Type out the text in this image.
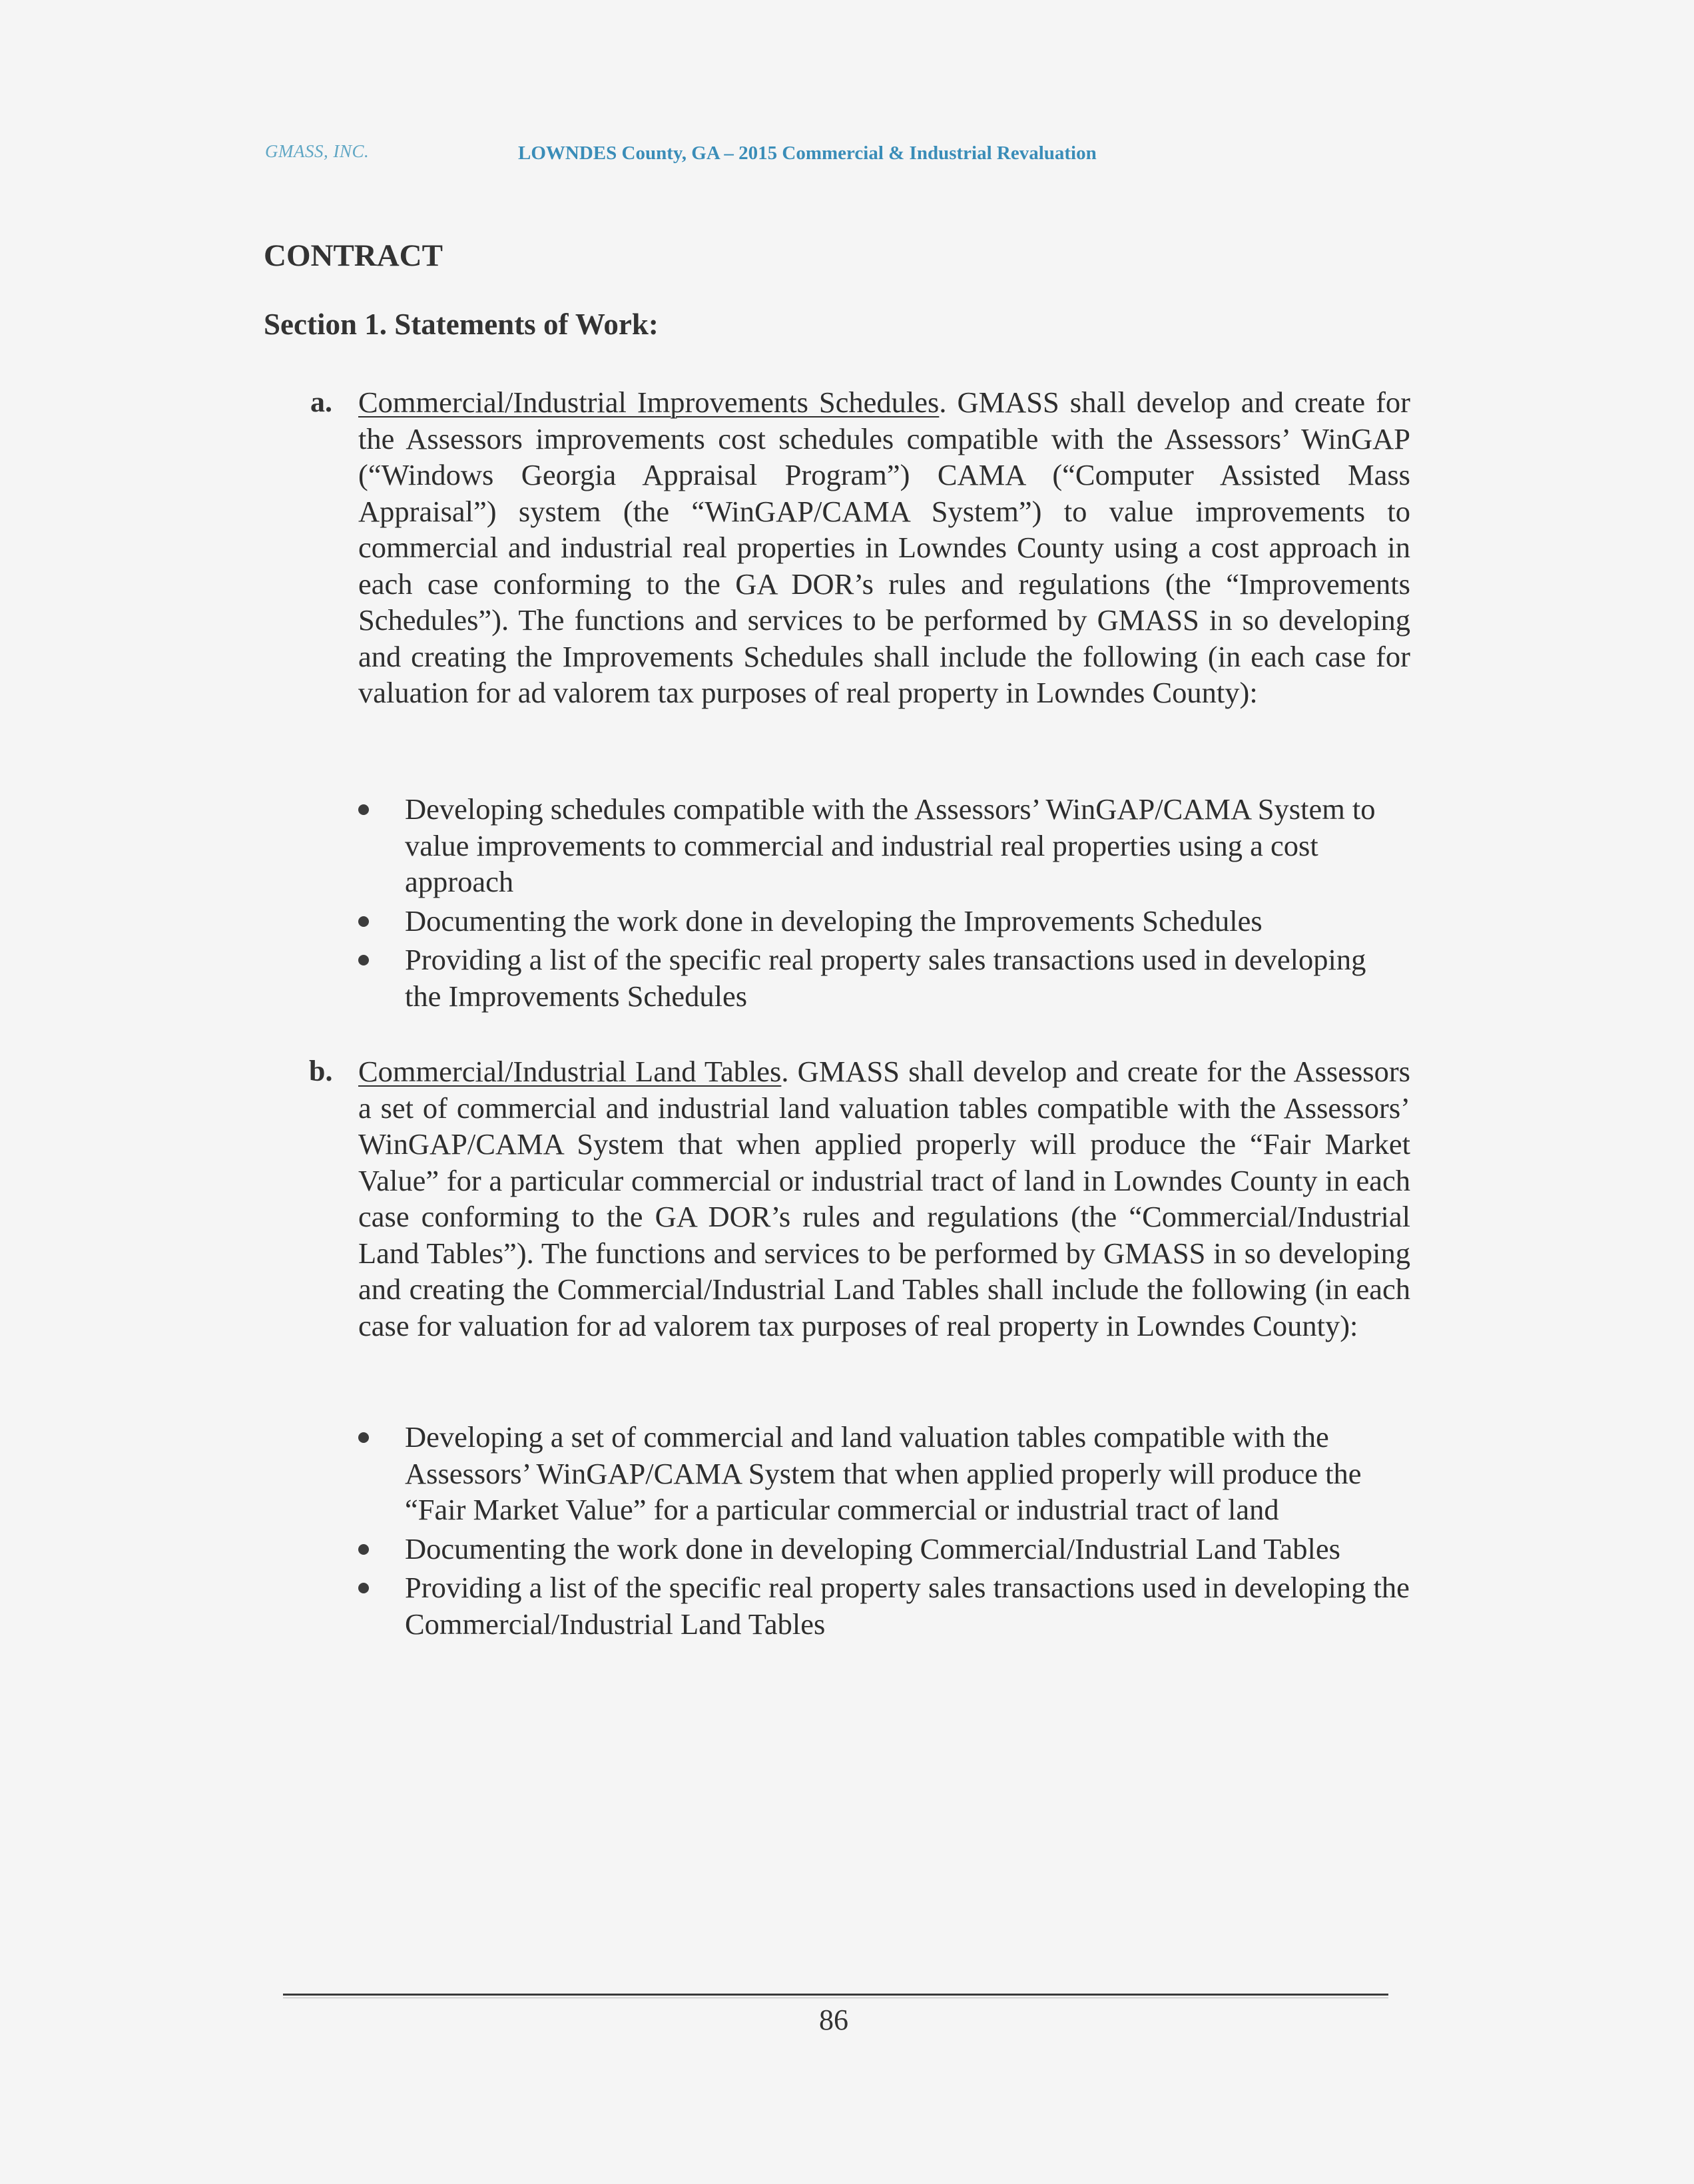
GMASS, INC.	LOWNDES County, GA – 2015 Commercial & Industrial Revaluation
CONTRACT
Section 1. Statements of Work:
a. Commercial/Industrial Improvements Schedules. GMASS shall develop and create for the Assessors improvements cost schedules compatible with the Assessors’ WinGAP (“Windows Georgia Appraisal Program”) CAMA (“Computer Assisted Mass Appraisal”) system (the “WinGAP/CAMA System”) to value improvements to commercial and industrial real properties in Lowndes County using a cost approach in each case conforming to the GA DOR’s rules and regulations (the “Improvements Schedules”). The functions and services to be performed by GMASS in so developing and creating the Improvements Schedules shall include the following (in each case for valuation for ad valorem tax purposes of real property in Lowndes County):
Developing schedules compatible with the Assessors’ WinGAP/CAMA System to value improvements to commercial and industrial real properties using a cost approach
Documenting the work done in developing the Improvements Schedules
Providing a list of the specific real property sales transactions used in developing the Improvements Schedules
b. Commercial/Industrial Land Tables. GMASS shall develop and create for the Assessors a set of commercial and industrial land valuation tables compatible with the Assessors’ WinGAP/CAMA System that when applied properly will produce the “Fair Market Value” for a particular commercial or industrial tract of land in Lowndes County in each case conforming to the GA DOR’s rules and regulations (the “Commercial/Industrial Land Tables”). The functions and services to be performed by GMASS in so developing and creating the Commercial/Industrial Land Tables shall include the following (in each case for valuation for ad valorem tax purposes of real property in Lowndes County):
Developing a set of commercial and land valuation tables compatible with the Assessors’ WinGAP/CAMA System that when applied properly will produce the “Fair Market Value” for a particular commercial or industrial tract of land
Documenting the work done in developing Commercial/Industrial Land Tables
Providing a list of the specific real property sales transactions used in developing the Commercial/Industrial Land Tables
86
